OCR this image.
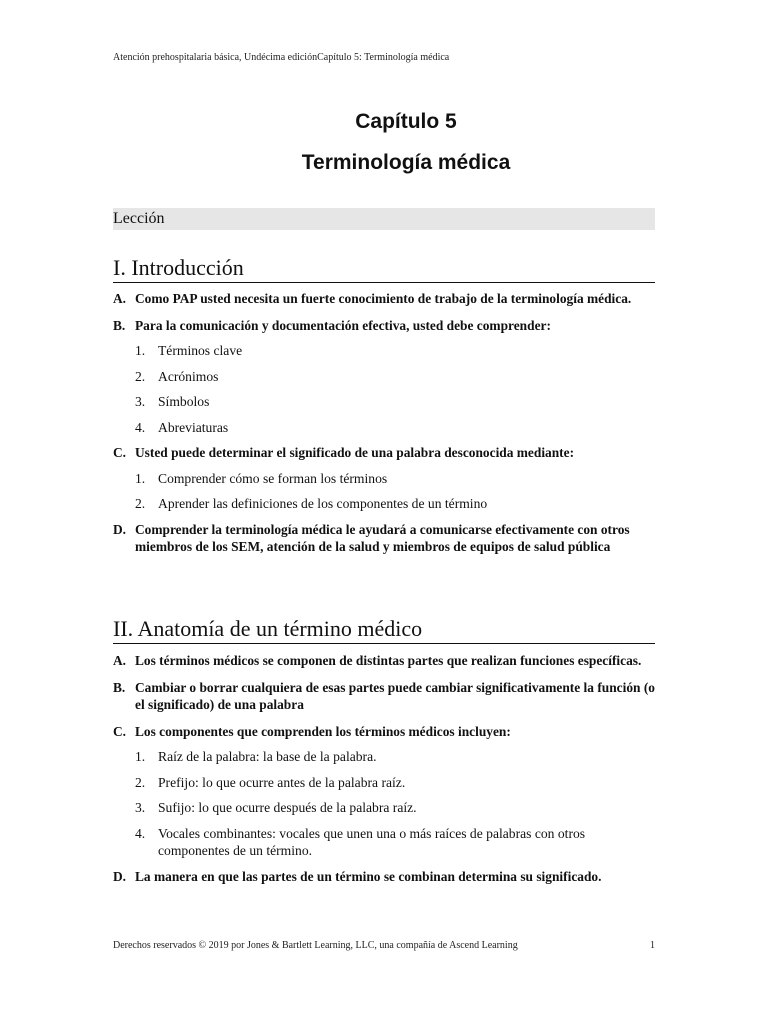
Atención prehospitalaria básica, Undécima ediciónCapítulo 5: Terminología médica
Capítulo 5
Terminología médica
Lección
I. Introducción
A. Como PAP usted necesita un fuerte conocimiento de trabajo de la terminología médica.
B. Para la comunicación y documentación efectiva, usted debe comprender:
1. Términos clave
2. Acrónimos
3. Símbolos
4. Abreviaturas
C. Usted puede determinar el significado de una palabra desconocida mediante:
1. Comprender cómo se forman los términos
2. Aprender las definiciones de los componentes de un término
D. Comprender la terminología médica le ayudará a comunicarse efectivamente con otros miembros de los SEM, atención de la salud y miembros de equipos de salud pública
II. Anatomía de un término médico
A. Los términos médicos se componen de distintas partes que realizan funciones específicas.
B. Cambiar o borrar cualquiera de esas partes puede cambiar significativamente la función (o el significado) de una palabra
C. Los componentes que comprenden los términos médicos incluyen:
1. Raíz de la palabra: la base de la palabra.
2. Prefijo: lo que ocurre antes de la palabra raíz.
3. Sufijo: lo que ocurre después de la palabra raíz.
4. Vocales combinantes: vocales que unen una o más raíces de palabras con otros componentes de un término.
D. La manera en que las partes de un término se combinan determina su significado.
Derechos reservados © 2019 por Jones & Bartlett Learning, LLC, una compañía de Ascend Learning	1
